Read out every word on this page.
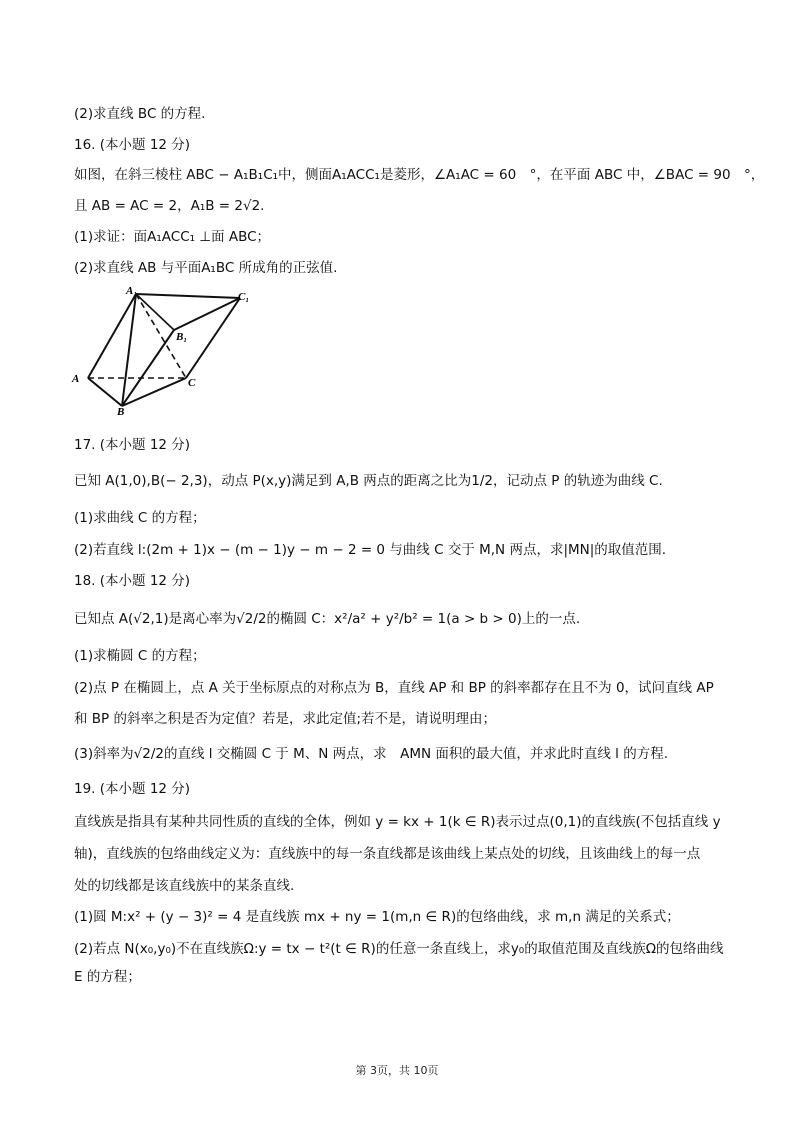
(2)求直线 BC 的方程.
16. (本小题 12 分)
如图，在斜三棱柱 ABC − A₁B₁C₁中，侧面A₁ACC₁是菱形，∠A₁AC = 60　°，在平面 ABC 中，∠BAC = 90　°，
且 AB = AC = 2，A₁B = 2√2.
(1)求证：面A₁ACC₁ ⊥面 ABC；
(2)求直线 AB 与平面A₁BC 所成角的正弦值.
A₁	C₁
B₁
A	C
B
17. (本小题 12 分)
已知 A(1,0),B(− 2,3)，动点 P(x,y)满足到 A,B 两点的距离之比为1/2，记动点 P 的轨迹为曲线 C.
(1)求曲线 C 的方程；
(2)若直线 l:(2m + 1)x − (m − 1)y − m − 2 = 0 与曲线 C 交于 M,N 两点，求|MN|的取值范围.
18. (本小题 12 分)
已知点 A(√2,1)是离心率为√2/2的椭圆 C：x²/a² + y²/b² = 1(a > b > 0)上的一点.
(1)求椭圆 C 的方程；
(2)点 P 在椭圆上，点 A 关于坐标原点的对称点为 B，直线 AP 和 BP 的斜率都存在且不为 0，试问直线 AP
和 BP 的斜率之积是否为定值？若是，求此定值;若不是，请说明理由；
(3)斜率为√2/2的直线 l 交椭圆 C 于 M、N 两点，求　AMN 面积的最大值，并求此时直线 l 的方程.
19. (本小题 12 分)
直线族是指具有某种共同性质的直线的全体，例如 y = kx + 1(k ∈ R)表示过点(0,1)的直线族(不包括直线 y
轴)，直线族的包络曲线定义为：直线族中的每一条直线都是该曲线上某点处的切线，且该曲线上的每一点
处的切线都是该直线族中的某条直线.
(1)圆 M:x² + (y − 3)² = 4 是直线族 mx + ny = 1(m,n ∈ R)的包络曲线，求 m,n 满足的关系式；
(2)若点 N(x₀,y₀)不在直线族Ω:y = tx − t²(t ∈ R)的任意一条直线上，求y₀的取值范围及直线族Ω的包络曲线
E 的方程；
第 3页，共 10页
